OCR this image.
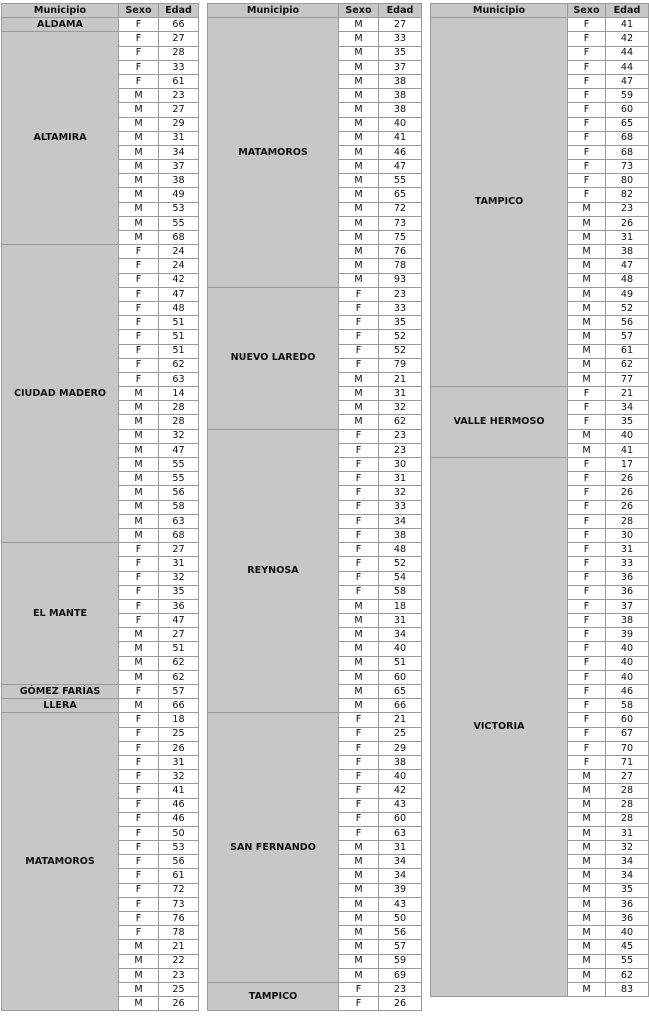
Municipio	Sexo	Edad
ALDAMA	F	66
ALTAMIRA	F	27
	F	28
	F	33
	F	61
	M	23
	M	27
	M	29
	M	31
	M	34
	M	37
	M	38
	M	49
	M	53
	M	55
	M	68
CIUDAD MADERO	F	24
	F	24
	F	42
	F	47
	F	48
	F	51
	F	51
	F	51
	F	62
	F	63
	M	14
	M	28
	M	28
	M	32
	M	47
	M	55
	M	55
	M	56
	M	58
	M	63
	M	68
EL MANTE	F	27
	F	31
	F	32
	F	35
	F	36
	F	47
	M	27
	M	51
	M	62
	M	62
GÓMEZ FARÍAS	F	57
LLERA	M	66
MATAMOROS	F	18
	F	25
	F	26
	F	31
	F	32
	F	41
	F	46
	F	46
	F	50
	F	53
	F	56
	F	61
	F	72
	F	73
	F	76
	F	78
	M	21
	M	22
	M	23
	M	25
	M	26
Municipio	Sexo	Edad
MATAMOROS	M	27
	M	33
	M	35
	M	37
	M	38
	M	38
	M	38
	M	40
	M	41
	M	46
	M	47
	M	55
	M	65
	M	72
	M	73
	M	75
	M	76
	M	78
	M	93
NUEVO LAREDO	F	23
	F	33
	F	35
	F	52
	F	52
	F	79
	M	21
	M	31
	M	32
	M	62
REYNOSA	F	23
	F	23
	F	30
	F	31
	F	32
	F	33
	F	34
	F	38
	F	48
	F	52
	F	54
	F	58
	M	18
	M	31
	M	34
	M	40
	M	51
	M	60
	M	65
	M	66
SAN FERNANDO	F	21
	F	25
	F	29
	F	38
	F	40
	F	42
	F	43
	F	60
	F	63
	M	31
	M	34
	M	34
	M	39
	M	43
	M	50
	M	56
	M	57
	M	59
	M	69
TAMPICO	F	23
	F	26
Municipio	Sexo	Edad
TAMPICO	F	41
	F	42
	F	44
	F	44
	F	47
	F	59
	F	60
	F	65
	F	68
	F	68
	F	73
	F	80
	F	82
	M	23
	M	26
	M	31
	M	38
	M	47
	M	48
	M	49
	M	52
	M	56
	M	57
	M	61
	M	62
	M	77
VALLE HERMOSO	F	21
	F	34
	F	35
	M	40
	M	41
VICTORIA	F	17
	F	26
	F	26
	F	26
	F	28
	F	30
	F	31
	F	33
	F	36
	F	36
	F	37
	F	38
	F	39
	F	40
	F	40
	F	40
	F	46
	F	58
	F	60
	F	67
	F	70
	F	71
	M	27
	M	28
	M	28
	M	28
	M	31
	M	32
	M	34
	M	34
	M	35
	M	36
	M	36
	M	40
	M	45
	M	55
	M	62
	M	83
